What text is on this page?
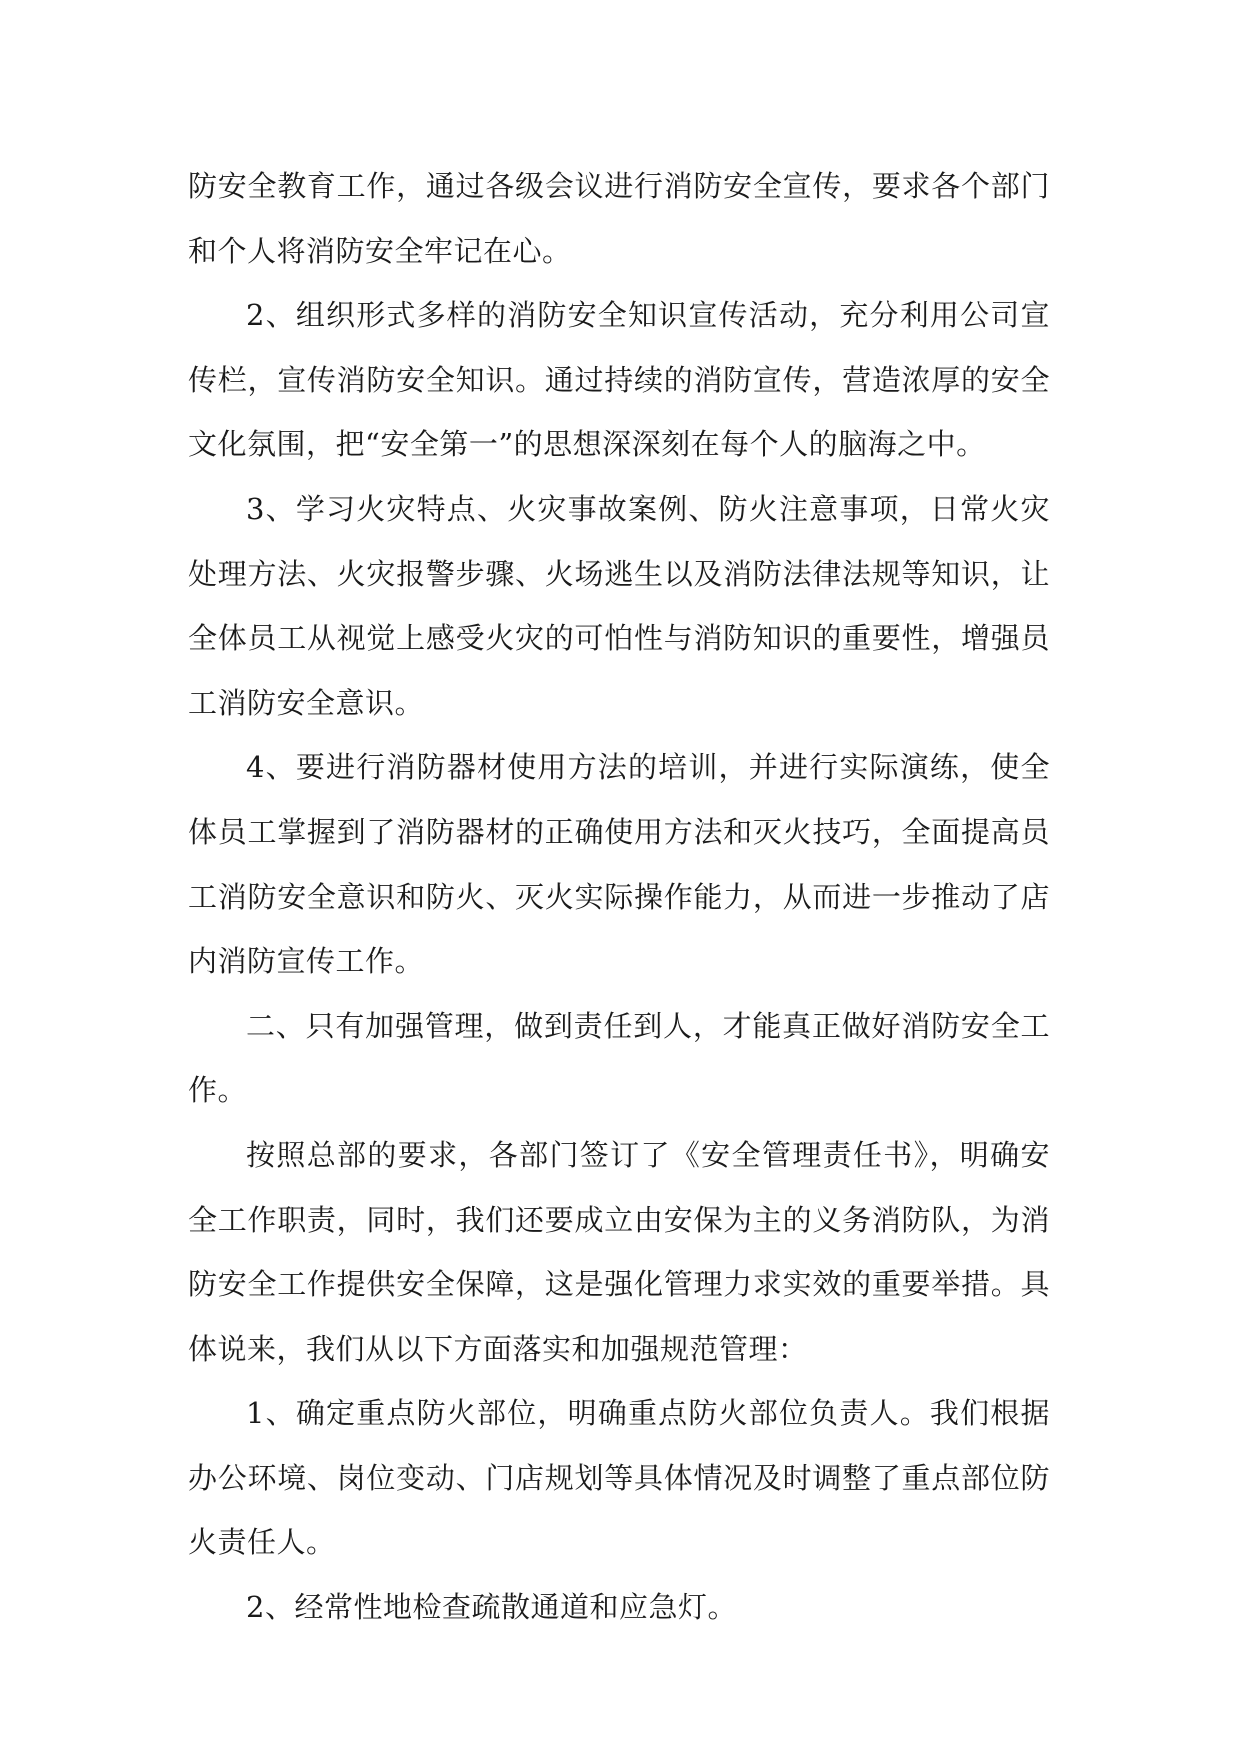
防安全教育工作，通过各级会议进行消防安全宣传，要求各个部门和个人将消防安全牢记在心。

2、组织形式多样的消防安全知识宣传活动，充分利用公司宣传栏，宣传消防安全知识。通过持续的消防宣传，营造浓厚的安全文化氛围，把“安全第一”的思想深深刻在每个人的脑海之中。

3、学习火灾特点、火灾事故案例、防火注意事项，日常火灾处理方法、火灾报警步骤、火场逃生以及消防法律法规等知识，让全体员工从视觉上感受火灾的可怕性与消防知识的重要性，增强员工消防安全意识。

4、要进行消防器材使用方法的培训，并进行实际演练，使全体员工掌握到了消防器材的正确使用方法和灭火技巧，全面提高员工消防安全意识和防火、灭火实际操作能力，从而进一步推动了店内消防宣传工作。

二、只有加强管理，做到责任到人，才能真正做好消防安全工作。

按照总部的要求，各部门签订了《安全管理责任书》，明确安全工作职责，同时，我们还要成立由安保为主的义务消防队，为消防安全工作提供安全保障，这是强化管理力求实效的重要举措。具体说来，我们从以下方面落实和加强规范管理：

1、确定重点防火部位，明确重点防火部位负责人。我们根据办公环境、岗位变动、门店规划等具体情况及时调整了重点部位防火责任人。

2、经常性地检查疏散通道和应急灯。
